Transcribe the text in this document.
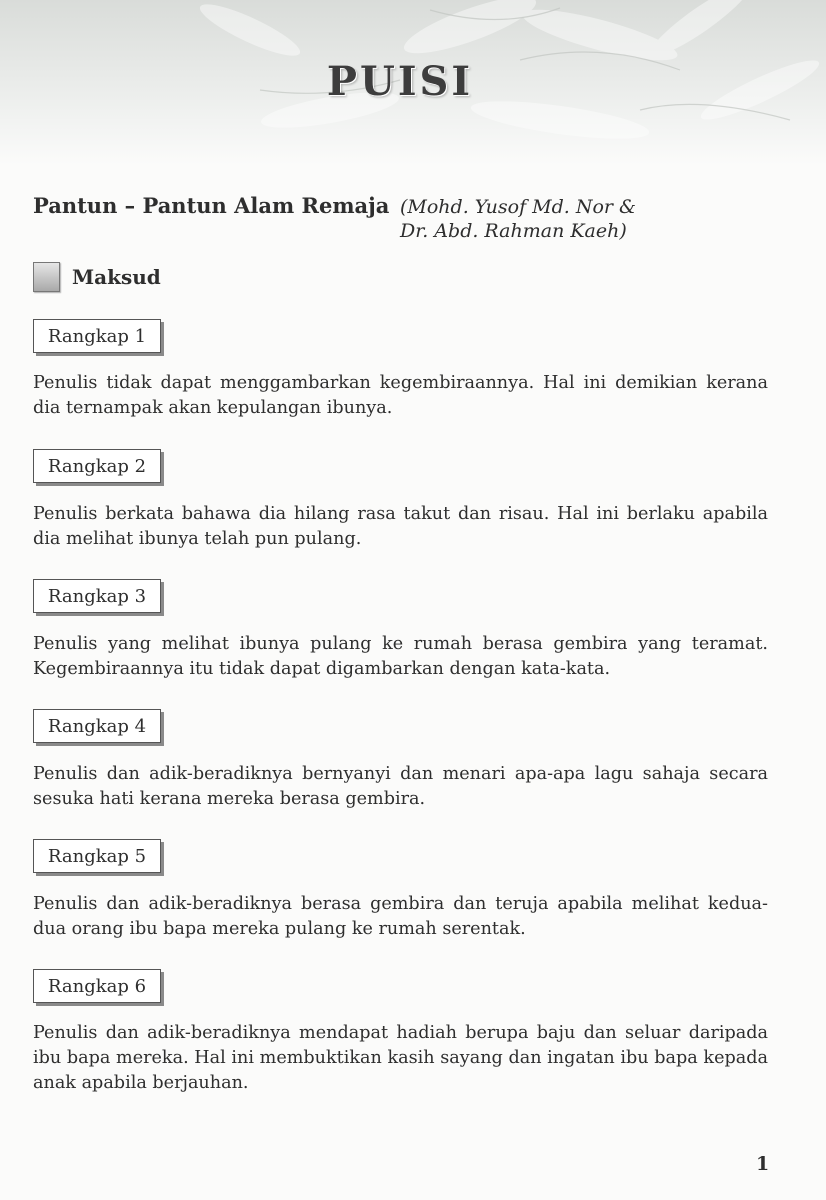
PUISI
Pantun – Pantun Alam Remaja (Mohd. Yusof Md. Nor &
Dr. Abd. Rahman Kaeh)
Maksud
Rangkap 1

Penulis tidak dapat menggambarkan kegembiraannya. Hal ini demikian kerana dia ternampak akan kepulangan ibunya.

Rangkap 2

Penulis berkata bahawa dia hilang rasa takut dan risau. Hal ini berlaku apabila dia melihat ibunya telah pun pulang.

Rangkap 3

Penulis yang melihat ibunya pulang ke rumah berasa gembira yang teramat. Kegembiraannya itu tidak dapat digambarkan dengan kata-kata.

Rangkap 4

Penulis dan adik-beradiknya bernyanyi dan menari apa-apa lagu sahaja secara sesuka hati kerana mereka berasa gembira.

Rangkap 5

Penulis dan adik-beradiknya berasa gembira dan teruja apabila melihat kedua-dua orang ibu bapa mereka pulang ke rumah serentak.

Rangkap 6

Penulis dan adik-beradiknya mendapat hadiah berupa baju dan seluar daripada ibu bapa mereka. Hal ini membuktikan kasih sayang dan ingatan ibu bapa kepada anak apabila berjauhan.

1
